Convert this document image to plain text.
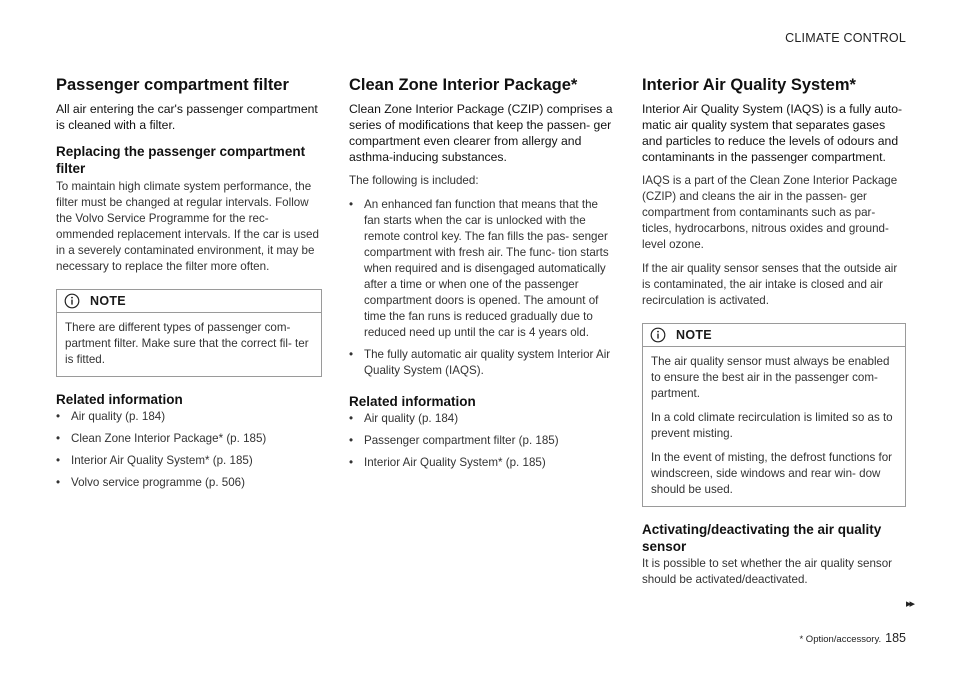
CLIMATE CONTROL
Passenger compartment filter

All air entering the car's passenger compartment is cleaned with a filter.

Replacing the passenger compartment filter

To maintain high climate system performance, the filter must be changed at regular intervals. Follow the Volvo Service Programme for the rec- ommended replacement intervals. If the car is used in a severely contaminated environment, it may be necessary to replace the filter more often.

NOTE

There are different types of passenger com- partment filter. Make sure that the correct fil- ter is fitted.

Related information
• Air quality (p. 184)
• Clean Zone Interior Package* (p. 185)
• Interior Air Quality System* (p. 185)
• Volvo service programme (p. 506)
Clean Zone Interior Package*

Clean Zone Interior Package (CZIP) comprises a series of modifications that keep the passen- ger compartment even clearer from allergy and asthma-inducing substances.

The following is included:

• An enhanced fan function that means that the fan starts when the car is unlocked with the remote control key. The fan fills the pas- senger compartment with fresh air. The func- tion starts when required and is disengaged automatically after a time or when one of the passenger compartment doors is opened. The amount of time the fan runs is reduced gradually due to reduced need up until the car is 4 years old.
• The fully automatic air quality system Interior Air Quality System (IAQS).
Related information
• Air quality (p. 184)
• Passenger compartment filter (p. 185)
• Interior Air Quality System* (p. 185)
Interior Air Quality System*

Interior Air Quality System (IAQS) is a fully auto- matic air quality system that separates gases and particles to reduce the levels of odours and contaminants in the passenger compartment.

IAQS is a part of the Clean Zone Interior Package (CZIP) and cleans the air in the passen- ger compartment from contaminants such as par- ticles, hydrocarbons, nitrous oxides and ground- level ozone.

If the air quality sensor senses that the outside air is contaminated, the air intake is closed and air recirculation is activated.

NOTE

The air quality sensor must always be enabled to ensure the best air in the passenger com- partment.

In a cold climate recirculation is limited so as to prevent misting.

In the event of misting, the defrost functions for windscreen, side windows and rear win- dow should be used.

Activating/deactivating the air quality sensor

It is possible to set whether the air quality sensor should be activated/deactivated.

▸▸
* Option/accessory. 185
